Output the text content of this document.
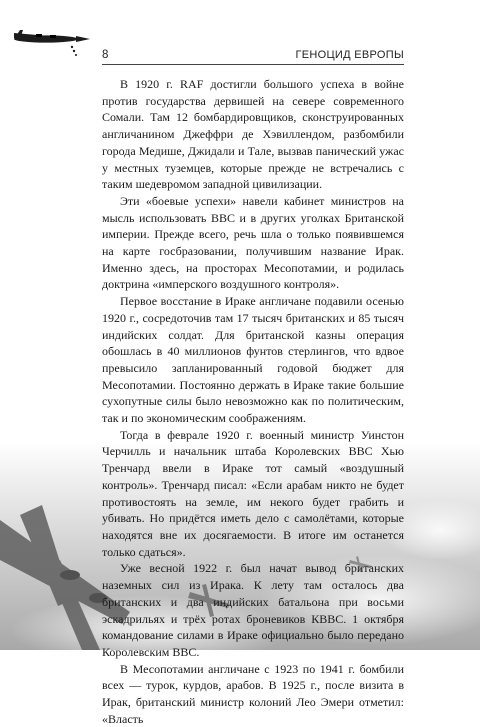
8	ГЕНОЦИД ЕВРОПЫ

В 1920 г. RAF достигли большого успеха в войне против государства дервишей на севере современного Сомали. Там 12 бомбардировщиков, сконструированных англичанином Джеффри де Хэвиллендом, разбомбили города Медише, Джидали и Тале, вызвав панический ужас у местных туземцев, которые прежде не встречались с таким шедевромом западной цивилизации.

Эти «боевые успехи» навели кабинет министров на мысль использовать ВВС и в других уголках Британской империи. Прежде всего, речь шла о только появившемся на карте госбразовании, получившим название Ирак. Именно здесь, на просторах Месопотамии, и родилась доктрина «имперского воздушного контроля».

Первое восстание в Ираке англичане подавили осенью 1920 г., сосредоточив там 17 тысяч британских и 85 тысяч индийских солдат. Для британской казны операция обошлась в 40 миллионов фунтов стерлингов, что вдвое превысило запланированный годовой бюджет для Месопотамии. Постоянно держать в Ираке такие большие сухопутные силы было невозможно как по политическим, так и по экономическим соображениям.

Тогда в феврале 1920 г. военный министр Уинстон Черчилль и начальник штаба Королевских ВВС Хью Тренчард ввели в Ираке тот самый «воздушный контроль». Тренчард писал: «Если арабам никто не будет противостоять на земле, им некого будет грабить и убивать. Но придётся иметь дело с самолётами, которые находятся вне их досягаемости. В итоге им останется только сдаться».

Уже весной 1922 г. был начат вывод британских наземных сил из Ирака. К лету там осталось два британских и два индийских батальона при восьми эскадрильях и трёх ротах броневиков КВВС. 1 октября командование силами в Ираке официально было передано Королевским ВВС.

В Месопотамии англичане с 1923 по 1941 г. бомбили всех — турок, курдов, арабов. В 1925 г., после визита в Ирак, британский министр колоний Лео Эмери отметил: «Власть
